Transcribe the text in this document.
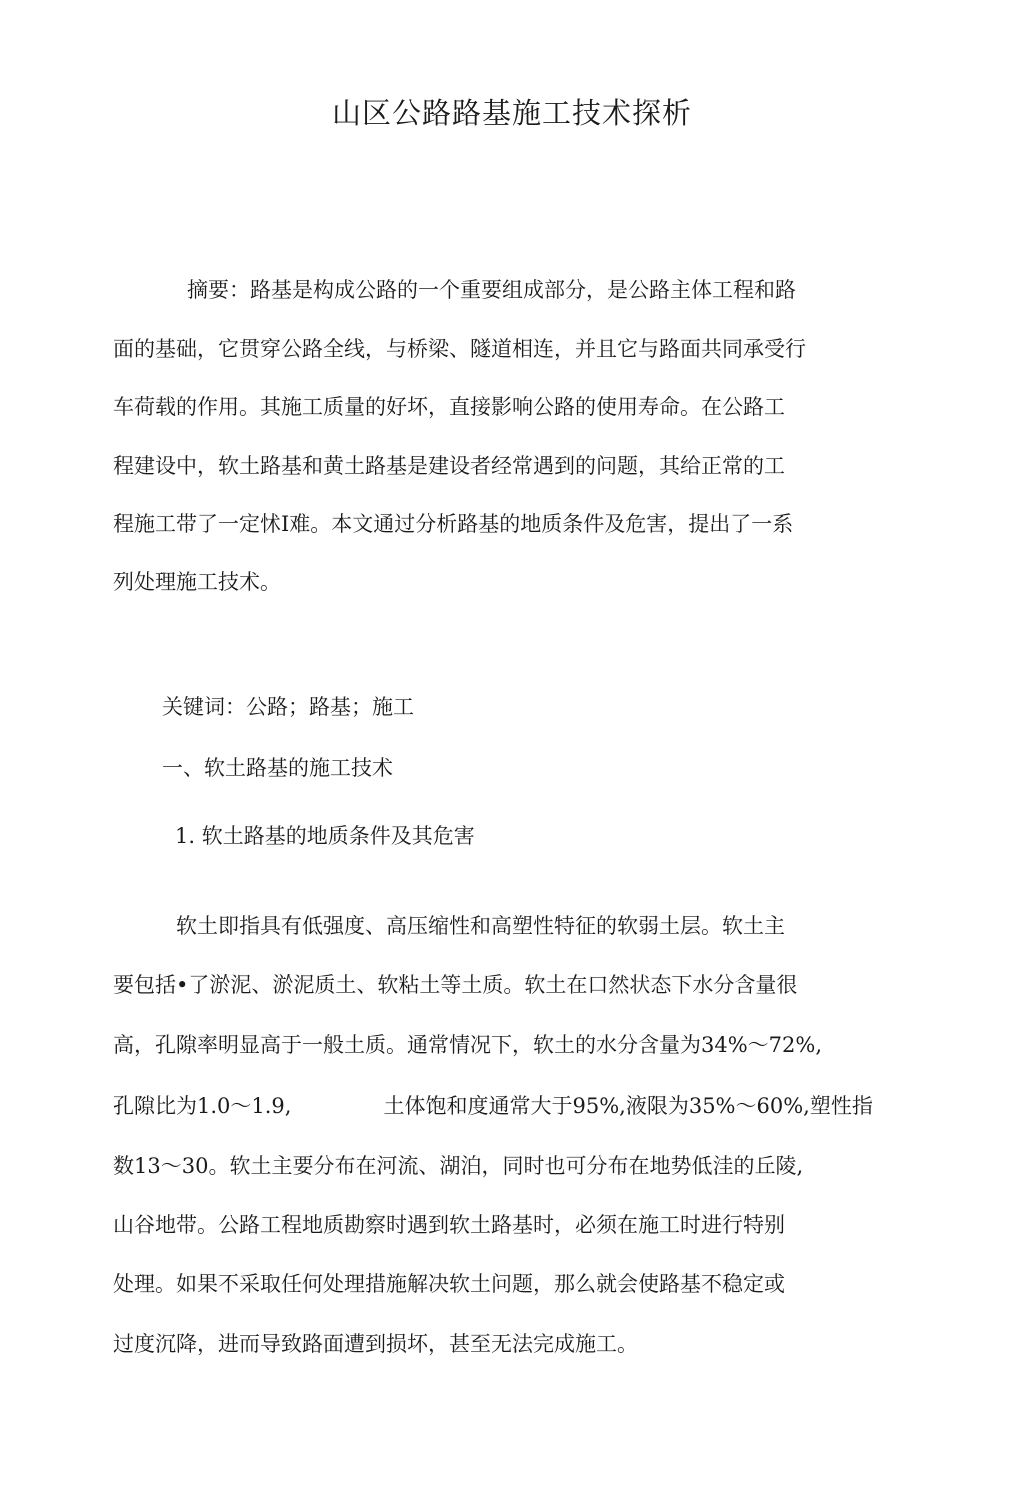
山区公路路基施工技术探析
摘要：路基是构成公路的一个重要组成部分，是公路主体工程和路
面的基础，它贯穿公路全线，与桥梁、隧道相连，并且它与路面共同承受行
车荷载的作用。其施工质量的好坏，直接影响公路的使用寿命。在公路工
程建设中，软土路基和黄土路基是建设者经常遇到的问题，其给正常的工
程施工带了一定怵I难。本文通过分析路基的地质条件及危害，提出了一系
列处理施工技术。
关键词：公路；路基；施工
一、软土路基的施工技术
1. 软土路基的地质条件及其危害
软土即指具有低强度、高压缩性和高塑性特征的软弱土层。软土主
要包括•了淤泥、淤泥质土、软粘土等土质。软土在口然状态下水分含量很
高，孔隙率明显高于一般土质。通常情况下，软土的水分含量为34%～72%,
孔隙比为1.0～1.9,	土体饱和度通常大于95%,液限为35%～60%,塑性指
数13～30。软土主要分布在河流、湖泊，同时也可分布在地势低洼的丘陵,
山谷地带。公路工程地质勘察时遇到软土路基时，必须在施工时进行特别
处理。如果不采取任何处理措施解决软土问题，那么就会使路基不稳定或
过度沉降，进而导致路面遭到损坏，甚至无法完成施工。
